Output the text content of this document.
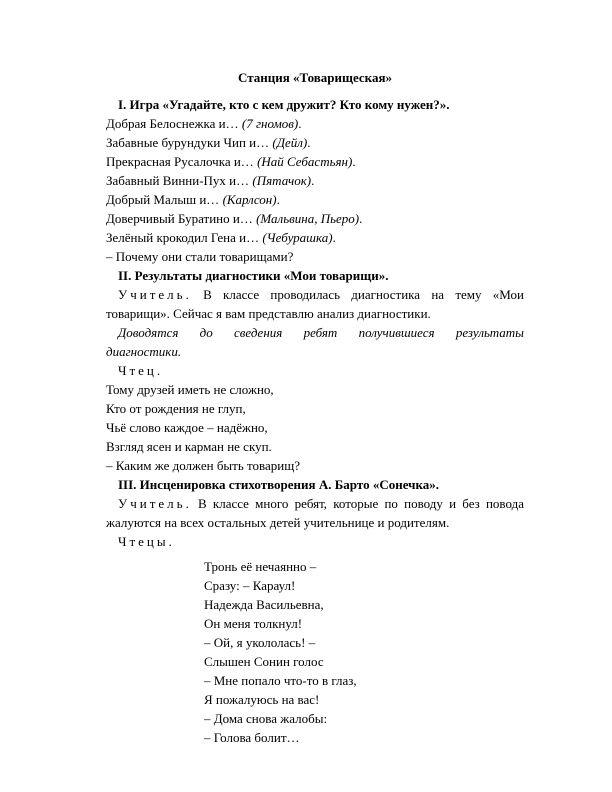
Станция «Товарищеская»

I. Игра «Угадайте, кто с кем дружит? Кто кому нужен?».

Добрая Белоснежка и… (7 гномов).

Забавные бурундуки Чип и… (Дейл).

Прекрасная Русалочка и… (Най Себастьян).

Забавный Винни-Пух и… (Пятачок).

Добрый Малыш и… (Карлсон).

Доверчивый Буратино и… (Мальвина, Пьеро).

Зелёный крокодил Гена и… (Чебурашка).

– Почему они стали товарищами?

II. Результаты диагностики «Мои товарищи».

Учитель. В классе проводилась диагностика на тему «Мои товарищи». Сейчас я вам представлю анализ диагностики.

Доводятся до сведения ребят получившиеся результаты диагностики.

Чтец.

Тому друзей иметь не сложно,

Кто от рождения не глуп,

Чьё слово каждое – надёжно,

Взгляд ясен и карман не скуп.

– Каким же должен быть товарищ?

III. Инсценировка стихотворения А. Барто «Сонечка».

Учитель. В классе много ребят, которые по поводу и без повода жалуются на всех остальных детей учительнице и родителям.

Чтецы.

Тронь её нечаянно –

Сразу: – Караул!

Надежда Васильевна,

Он меня толкнул!

– Ой, я укололась! –

Слышен Сонин голос

– Мне попало что-то в глаз,

Я пожалуюсь на вас!

– Дома снова жалобы:

– Голова болит…
